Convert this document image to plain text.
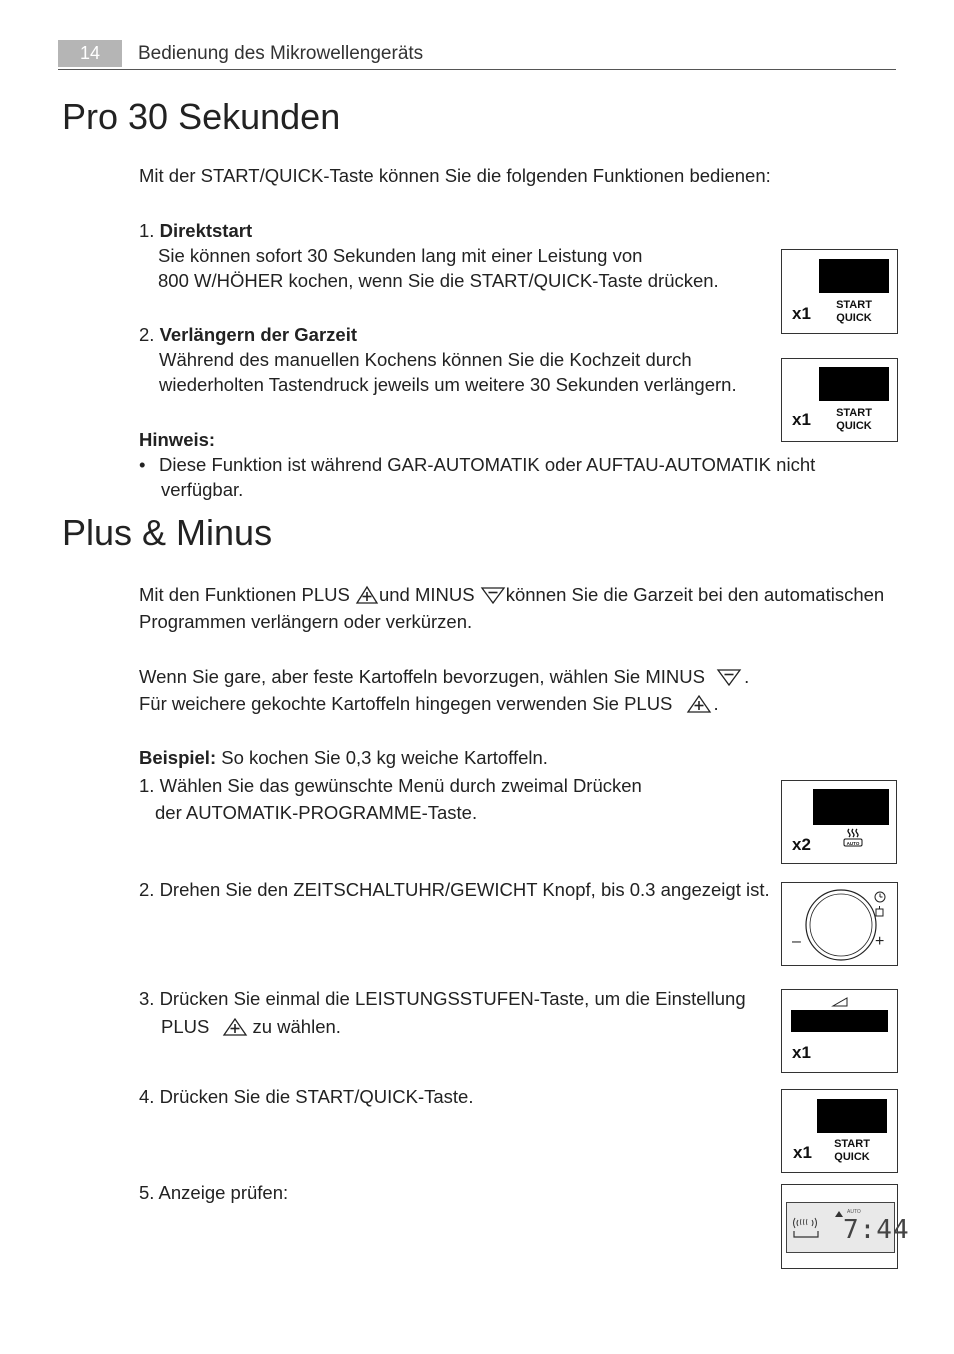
14	Bedienung des Mikrowellengeräts
Pro 30 Sekunden
Mit der START/QUICK-Taste können Sie die folgenden Funktionen bedienen:
1. Direktstart
Sie können sofort 30 Sekunden lang mit einer Leistung von
800 W/HÖHER kochen, wenn Sie die START/QUICK-Taste drücken.
2. Verlängern der Garzeit
Während des manuellen Kochens können Sie die Kochzeit durch
wiederholten Tastendruck jeweils um weitere 30 Sekunden verlängern.
Hinweis:
• Diese Funktion ist während GAR-AUTOMATIK oder AUFTAU-AUTOMATIK nicht
verfügbar.
x1 START
QUICK
x1 START
QUICK
Plus & Minus
Mit den Funktionen PLUS und MINUS können Sie die Garzeit bei den automatischen
Programmen verlängern oder verkürzen.
Wenn Sie gare, aber feste Kartoffeln bevorzugen, wählen Sie MINUS .
Für weichere gekochte Kartoffeln hingegen verwenden Sie PLUS .
Beispiel: So kochen Sie 0,3 kg weiche Kartoffeln.
1. Wählen Sie das gewünschte Menü durch zweimal Drücken
der AUTOMATIK-PROGRAMME-Taste.
2. Drehen Sie den ZEITSCHALTUHR/GEWICHT Knopf, bis 0.3 angezeigt ist.
3. Drücken Sie einmal die LEISTUNGSSTUFEN-Taste, um die Einstellung
PLUS zu wählen.
4. Drücken Sie die START/QUICK-Taste.
5. Anzeige prüfen:
x2	AUTO
–	+
x1
x1 START
QUICK
AUTO
7:44
